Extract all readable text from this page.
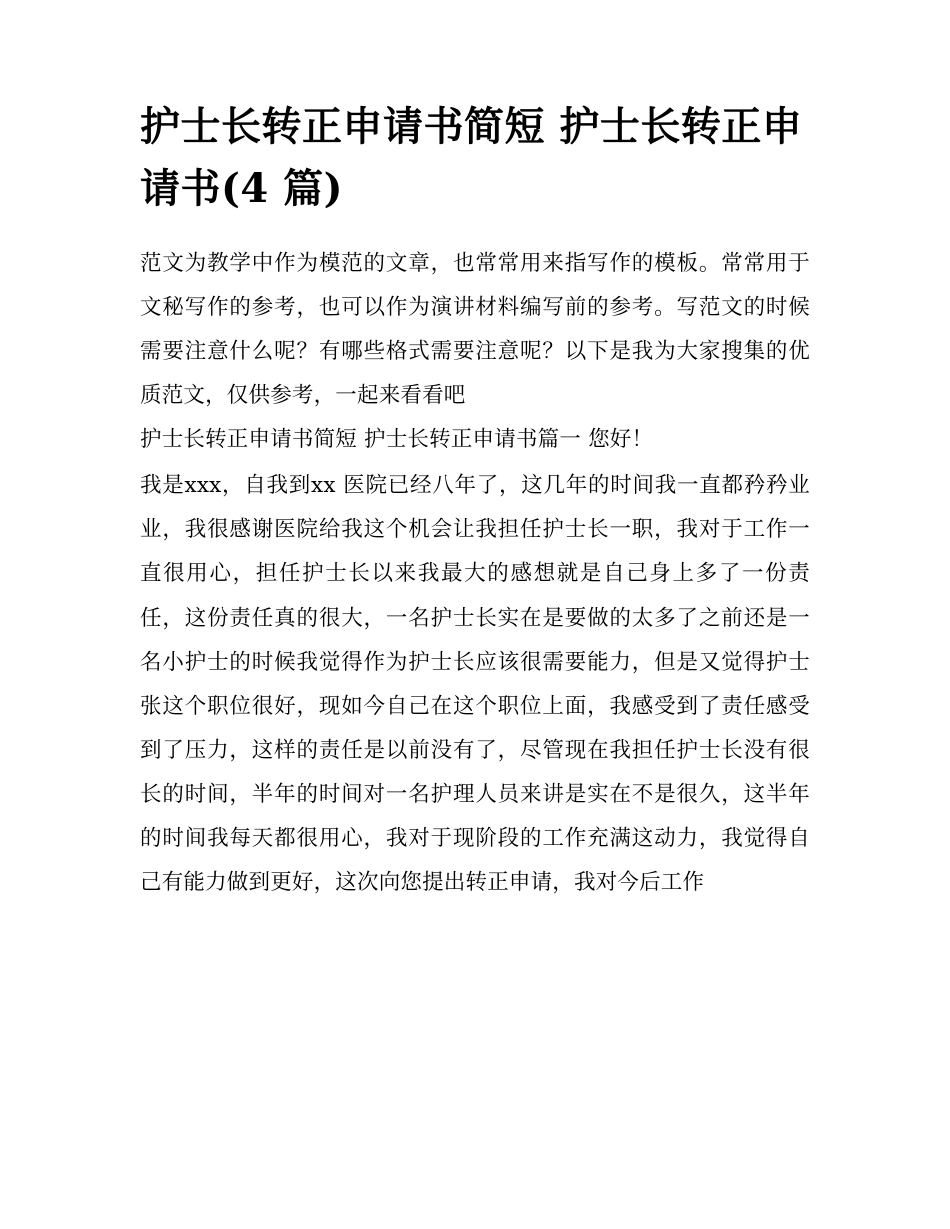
护士长转正申请书简短 护士长转正申请书(4 篇)

范文为教学中作为模范的文章，也常常用来指写作的模板。常常用于文秘写作的参考，也可以作为演讲材料编写前的参考。写范文的时候需要注意什么呢？有哪些格式需要注意呢？以下是我为大家搜集的优质范文，仅供参考，一起来看看吧

护士长转正申请书简短 护士长转正申请书篇一 您好！

我是xxx，自我到xx 医院已经八年了，这几年的时间我一直都矜矜业业，我很感谢医院给我这个机会让我担任护士长一职，我对于工作一直很用心，担任护士长以来我最大的感想就是自己身上多了一份责任，这份责任真的很大，一名护士长实在是要做的太多了之前还是一名小护士的时候我觉得作为护士长应该很需要能力，但是又觉得护士张这个职位很好，现如今自己在这个职位上面，我感受到了责任感受到了压力，这样的责任是以前没有了，尽管现在我担任护士长没有很长的时间，半年的时间对一名护理人员来讲是实在不是很久，这半年的时间我每天都很用心，我对于现阶段的工作充满这动力，我觉得自己有能力做到更好，这次向您提出转正申请，我对今后工作
